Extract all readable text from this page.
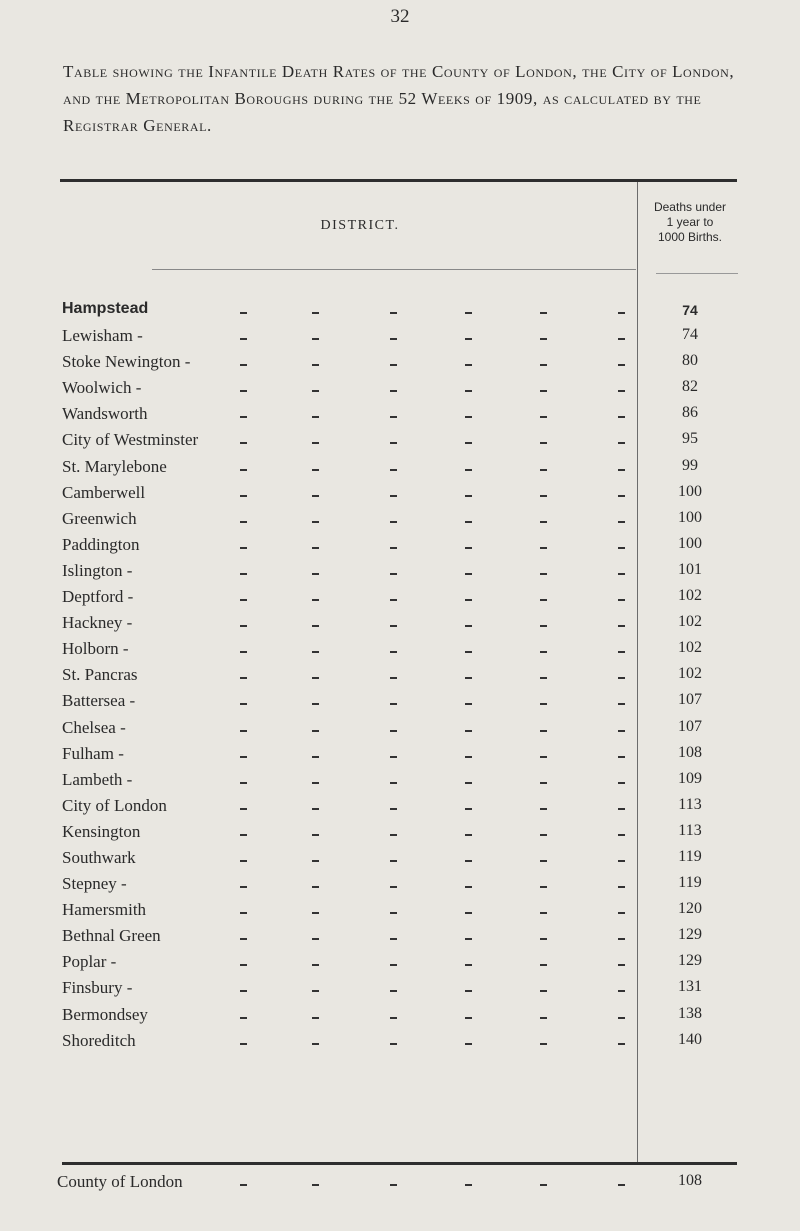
32
Table showing the Infantile Death Rates of the County of London, the City of London, and the Metropolitan Boroughs during the 52 Weeks of 1909, as calculated by the Registrar General.
DISTRICT.
Deaths under
1 year to
1000 Births.
Hampstead	74
Lewisham -	74
Stoke Newington -	80
Woolwich -	82
Wandsworth	86
City of Westminster	95
St. Marylebone	99
Camberwell	100
Greenwich	100
Paddington	100
Islington -	101
Deptford -	102
Hackney -	102
Holborn -	102
St. Pancras	102
Battersea -	107
Chelsea -	107
Fulham -	108
Lambeth -	109
City of London	113
Kensington	113
Southwark	119
Stepney -	119
Hamersmith	120
Bethnal Green	129
Poplar -	129
Finsbury -	131
Bermondsey	138
Shoreditch	140
County of London	108
